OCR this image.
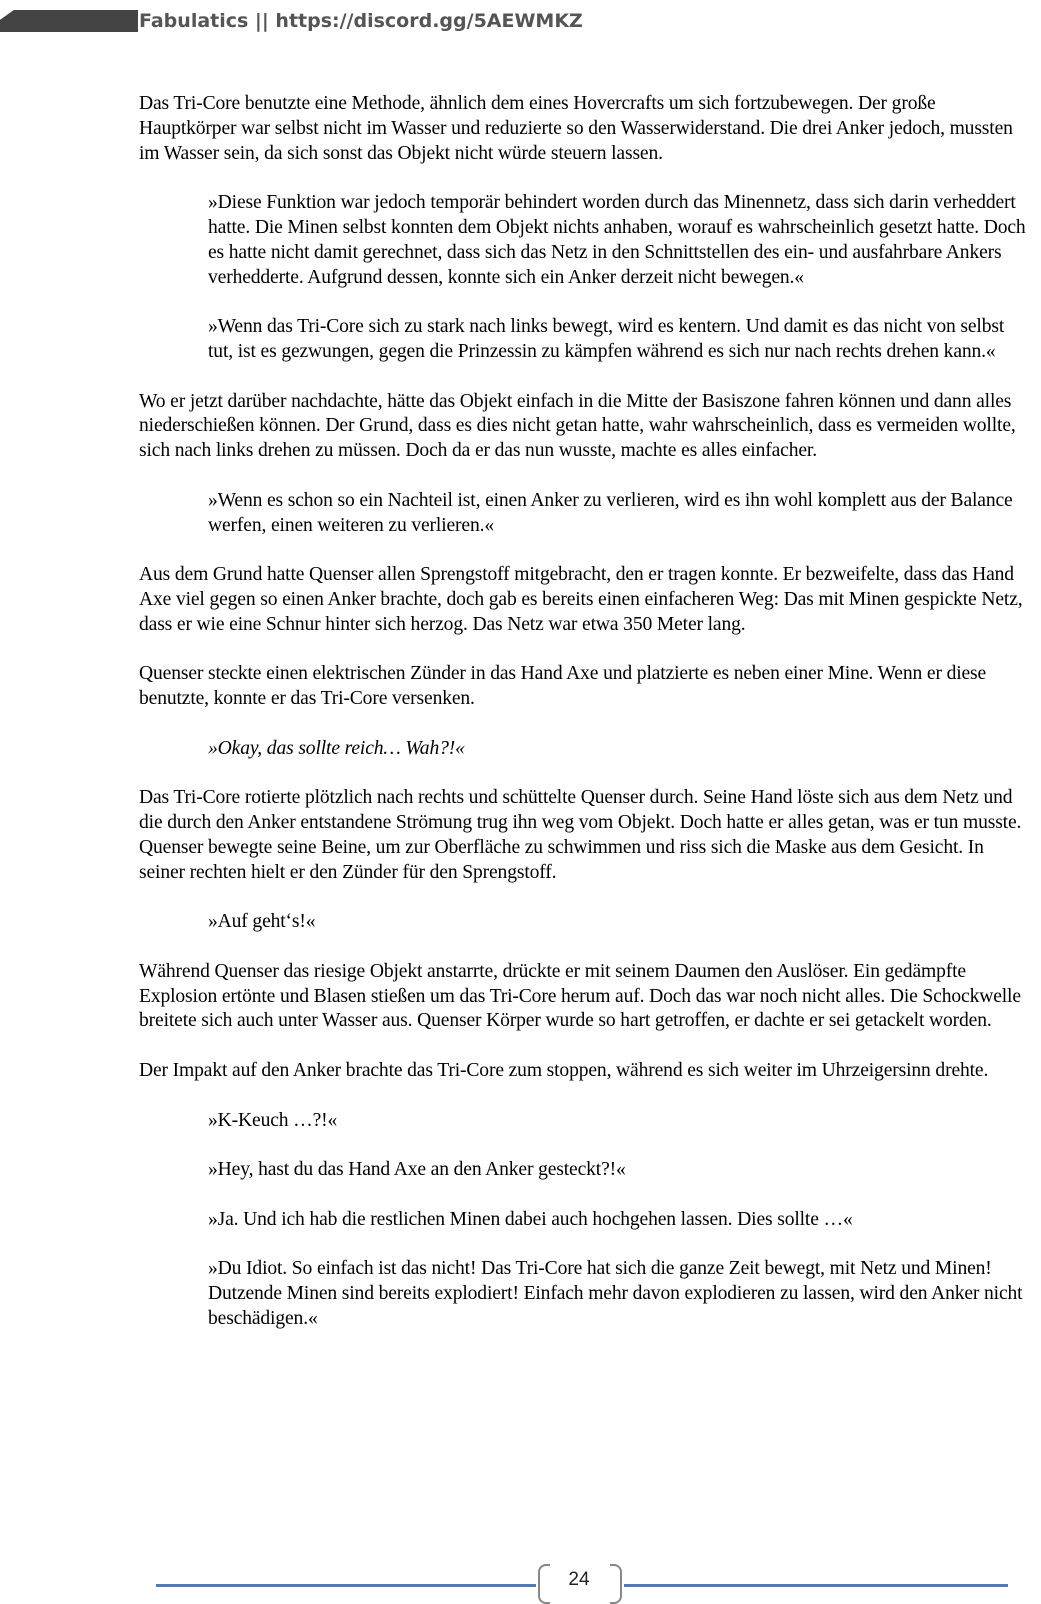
Fabulatics || https://discord.gg/5AEWMKZ

Das Tri-Core benutzte eine Methode, ähnlich dem eines Hovercrafts um sich fortzubewegen. Der große Hauptkörper war selbst nicht im Wasser und reduzierte so den Wasserwiderstand. Die drei Anker jedoch, mussten im Wasser sein, da sich sonst das Objekt nicht würde steuern lassen.

»Diese Funktion war jedoch temporär behindert worden durch das Minennetz, dass sich darin verheddert hatte. Die Minen selbst konnten dem Objekt nichts anhaben, worauf es wahrscheinlich gesetzt hatte. Doch es hatte nicht damit gerechnet, dass sich das Netz in den Schnittstellen des ein- und ausfahrbare Ankers verhedderte. Aufgrund dessen, konnte sich ein Anker derzeit nicht bewegen.«

»Wenn das Tri-Core sich zu stark nach links bewegt, wird es kentern. Und damit es das nicht von selbst tut, ist es gezwungen, gegen die Prinzessin zu kämpfen während es sich nur nach rechts drehen kann.«

Wo er jetzt darüber nachdachte, hätte das Objekt einfach in die Mitte der Basiszone fahren können und dann alles niederschießen können. Der Grund, dass es dies nicht getan hatte, wahr wahrscheinlich, dass es vermeiden wollte, sich nach links drehen zu müssen. Doch da er das nun wusste, machte es alles einfacher.

»Wenn es schon so ein Nachteil ist, einen Anker zu verlieren, wird es ihn wohl komplett aus der Balance werfen, einen weiteren zu verlieren.«

Aus dem Grund hatte Quenser allen Sprengstoff mitgebracht, den er tragen konnte. Er bezweifelte, dass das Hand Axe viel gegen so einen Anker brachte, doch gab es bereits einen einfacheren Weg: Das mit Minen gespickte Netz, dass er wie eine Schnur hinter sich herzog. Das Netz war etwa 350 Meter lang.

Quenser steckte einen elektrischen Zünder in das Hand Axe und platzierte es neben einer Mine. Wenn er diese benutzte, konnte er das Tri-Core versenken.

»Okay, das sollte reich… Wah?!«

Das Tri-Core rotierte plötzlich nach rechts und schüttelte Quenser durch. Seine Hand löste sich aus dem Netz und die durch den Anker entstandene Strömung trug ihn weg vom Objekt. Doch hatte er alles getan, was er tun musste. Quenser bewegte seine Beine, um zur Oberfläche zu schwimmen und riss sich die Maske aus dem Gesicht. In seiner rechten hielt er den Zünder für den Sprengstoff.

»Auf geht‘s!«

Während Quenser das riesige Objekt anstarrte, drückte er mit seinem Daumen den Auslöser. Ein gedämpfte Explosion ertönte und Blasen stießen um das Tri-Core herum auf. Doch das war noch nicht alles. Die Schockwelle breitete sich auch unter Wasser aus. Quenser Körper wurde so hart getroffen, er dachte er sei getackelt worden.

Der Impakt auf den Anker brachte das Tri-Core zum stoppen, während es sich weiter im Uhrzeigersinn drehte.

»K-Keuch …?!«

»Hey, hast du das Hand Axe an den Anker gesteckt?!«

»Ja. Und ich hab die restlichen Minen dabei auch hochgehen lassen. Dies sollte …«

»Du Idiot. So einfach ist das nicht! Das Tri-Core hat sich die ganze Zeit bewegt, mit Netz und Minen! Dutzende Minen sind bereits explodiert! Einfach mehr davon explodieren zu lassen, wird den Anker nicht beschädigen.«

24
